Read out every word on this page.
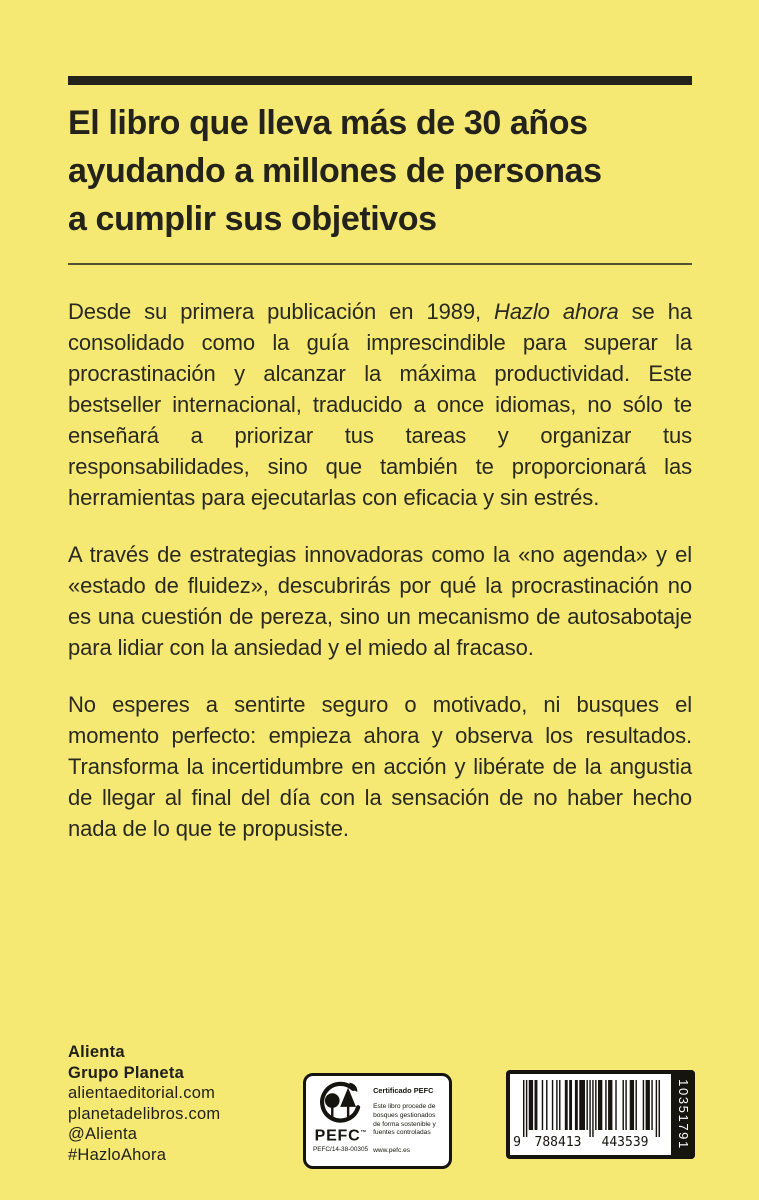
El libro que lleva más de 30 años
ayudando a millones de personas
a cumplir sus objetivos

Desde su primera publicación en 1989, Hazlo ahora se ha consolidado como la guía imprescindible para superar la procrastinación y alcanzar la máxima productividad. Este bestseller internacional, traducido a once idiomas, no sólo te enseñará a priorizar tus tareas y organizar tus responsabilidades, sino que también te proporcionará las herramientas para ejecutarlas con eficacia y sin estrés.

A través de estrategias innovadoras como la «no agenda» y el «estado de fluidez», descubrirás por qué la procrastinación no es una cuestión de pereza, sino un mecanismo de autosabotaje para lidiar con la ansiedad y el miedo al fracaso.

No esperes a sentirte seguro o motivado, ni busques el momento perfecto: empieza ahora y observa los resultados. Transforma la incertidumbre en acción y libérate de la angustia de llegar al final del día con la sensación de no haber hecho nada de lo que te propusiste.

Alienta
Grupo Planeta
alientaeditorial.com
planetadelibros.com
@Alienta
#HazloAhora
PEFC™
PEFC/14-38-00305
Certificado PEFC
Este libro procede de bosques gestionados de forma sostenible y fuentes controladas
www.pefc.es
9 788413 443539 10351791
